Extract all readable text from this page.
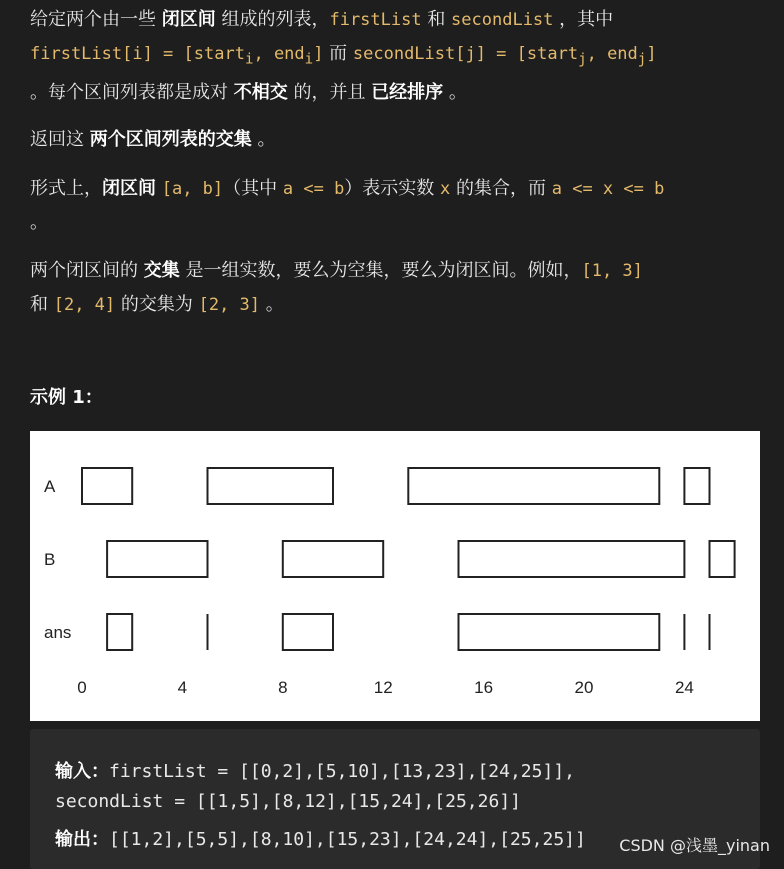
给定两个由一些 闭区间 组成的列表，firstList 和 secondList ，其中
firstList[i] = [start$_i$, end$_i$] 而 secondList[j] = [start$_j$, end$_j$]
。每个区间列表都是成对 不相交 的，并且 已经排序 。

返回这 两个区间列表的交集 。

形式上，闭区间 [a, b]（其中 a <= b）表示实数 x 的集合，而 a <= x <= b
。

两个闭区间的 交集 是一组实数，要么为空集，要么为闭区间。例如，[1, 3]
和 [2, 4] 的交集为 [2, 3] 。

示例 1：
A
B
ans
0	4	8	12	16	20	24
输入：firstList = [[0,2],[5,10],[13,23],[24,25]],
secondList = [[1,5],[8,12],[15,24],[25,26]]
输出：[[1,2],[5,5],[8,10],[15,23],[24,24],[25,25]] CSDN @浅墨_yinan
